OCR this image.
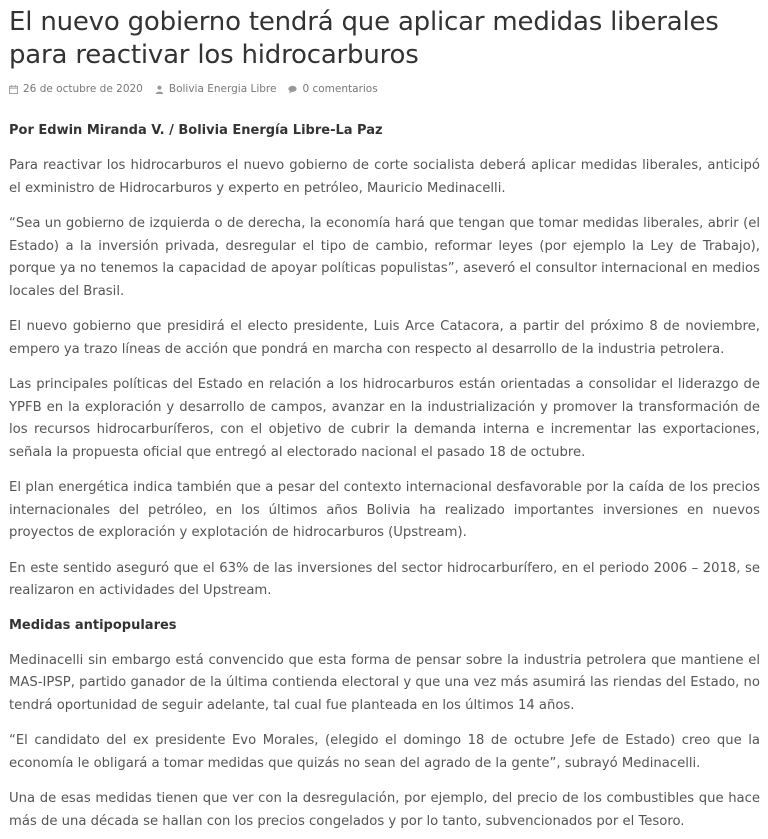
El nuevo gobierno tendrá que aplicar medidas liberales para reactivar los hidrocarburos
26 de octubre de 2020 Bolivia Energia Libre 0 comentarios
Por Edwin Miranda V. / Bolivia Energía Libre-La Paz

Para reactivar los hidrocarburos el nuevo gobierno de corte socialista deberá aplicar medidas liberales, anticipó el exministro de Hidrocarburos y experto en petróleo, Mauricio Medinacelli.

“Sea un gobierno de izquierda o de derecha, la economía hará que tengan que tomar medidas liberales, abrir (el Estado) a la inversión privada, desregular el tipo de cambio, reformar leyes (por ejemplo la Ley de Trabajo), porque ya no tenemos la capacidad de apoyar políticas populistas”, aseveró el consultor internacional en medios locales del Brasil.

El nuevo gobierno que presidirá el electo presidente, Luis Arce Catacora, a partir del próximo 8 de noviembre, empero ya trazo líneas de acción que pondrá en marcha con respecto al desarrollo de la industria petrolera.

Las principales políticas del Estado en relación a los hidrocarburos están orientadas a consolidar el liderazgo de YPFB en la exploración y desarrollo de campos, avanzar en la industrialización y promover la transformación de los recursos hidrocarburíferos, con el objetivo de cubrir la demanda interna e incrementar las exportaciones, señala la propuesta oficial que entregó al electorado nacional el pasado 18 de octubre.

El plan energética indica también que a pesar del contexto internacional desfavorable por la caída de los precios internacionales del petróleo, en los últimos años Bolivia ha realizado importantes inversiones en nuevos proyectos de exploración y explotación de hidrocarburos (Upstream).

En este sentido aseguró que el 63% de las inversiones del sector hidrocarburífero, en el periodo 2006 – 2018, se realizaron en actividades del Upstream.

Medidas antipopulares

Medinacelli sin embargo está convencido que esta forma de pensar sobre la industria petrolera que mantiene el MAS-IPSP, partido ganador de la última contienda electoral y que una vez más asumirá las riendas del Estado, no tendrá oportunidad de seguir adelante, tal cual fue planteada en los últimos 14 años.

“El candidato del ex presidente Evo Morales, (elegido el domingo 18 de octubre Jefe de Estado) creo que la economía le obligará a tomar medidas que quizás no sean del agrado de la gente”, subrayó Medinacelli.

Una de esas medidas tienen que ver con la desregulación, por ejemplo, del precio de los combustibles que hace más de una década se hallan con los precios congelados y por lo tanto, subvencionados por el Tesoro.
